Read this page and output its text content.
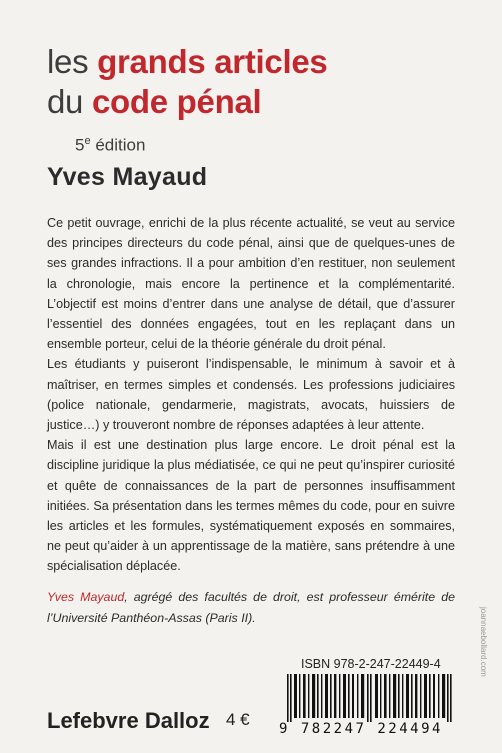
les grands articles
du code pénal
5e édition
Yves Mayaud

Ce petit ouvrage, enrichi de la plus récente actualité, se veut au service des principes directeurs du code pénal, ainsi que de quelques-unes de ses grandes infractions. Il a pour ambition d’en restituer, non seulement la chronologie, mais encore la pertinence et la complémentarité. L’objectif est moins d’entrer dans une analyse de détail, que d’assurer l’essentiel des données engagées, tout en les replaçant dans un ensemble porteur, celui de la théorie générale du droit pénal.

Les étudiants y puiseront l’indispensable, le minimum à savoir et à maîtriser, en termes simples et condensés. Les professions judiciaires (police nationale, gendarmerie, magistrats, avocats, huissiers de justice…) y trouveront nombre de réponses adaptées à leur attente.

Mais il est une destination plus large encore. Le droit pénal est la discipline juridique la plus médiatisée, ce qui ne peut qu’inspirer curiosité et quête de connaissances de la part de personnes insuffisamment initiées. Sa présentation dans les termes mêmes du code, pour en suivre les articles et les formules, systématiquement exposés en sommaires, ne peut qu’aider à un apprentissage de la matière, sans prétendre à une spécialisation déplacée.

Yves Mayaud, agrégé des facultés de droit, est professeur émérite de l’Université Panthéon-Assas (Paris II).
ISBN 978-2-247-22449-4
9 782247 224494
joannaebollard.com
Lefebvre Dalloz 4 €
